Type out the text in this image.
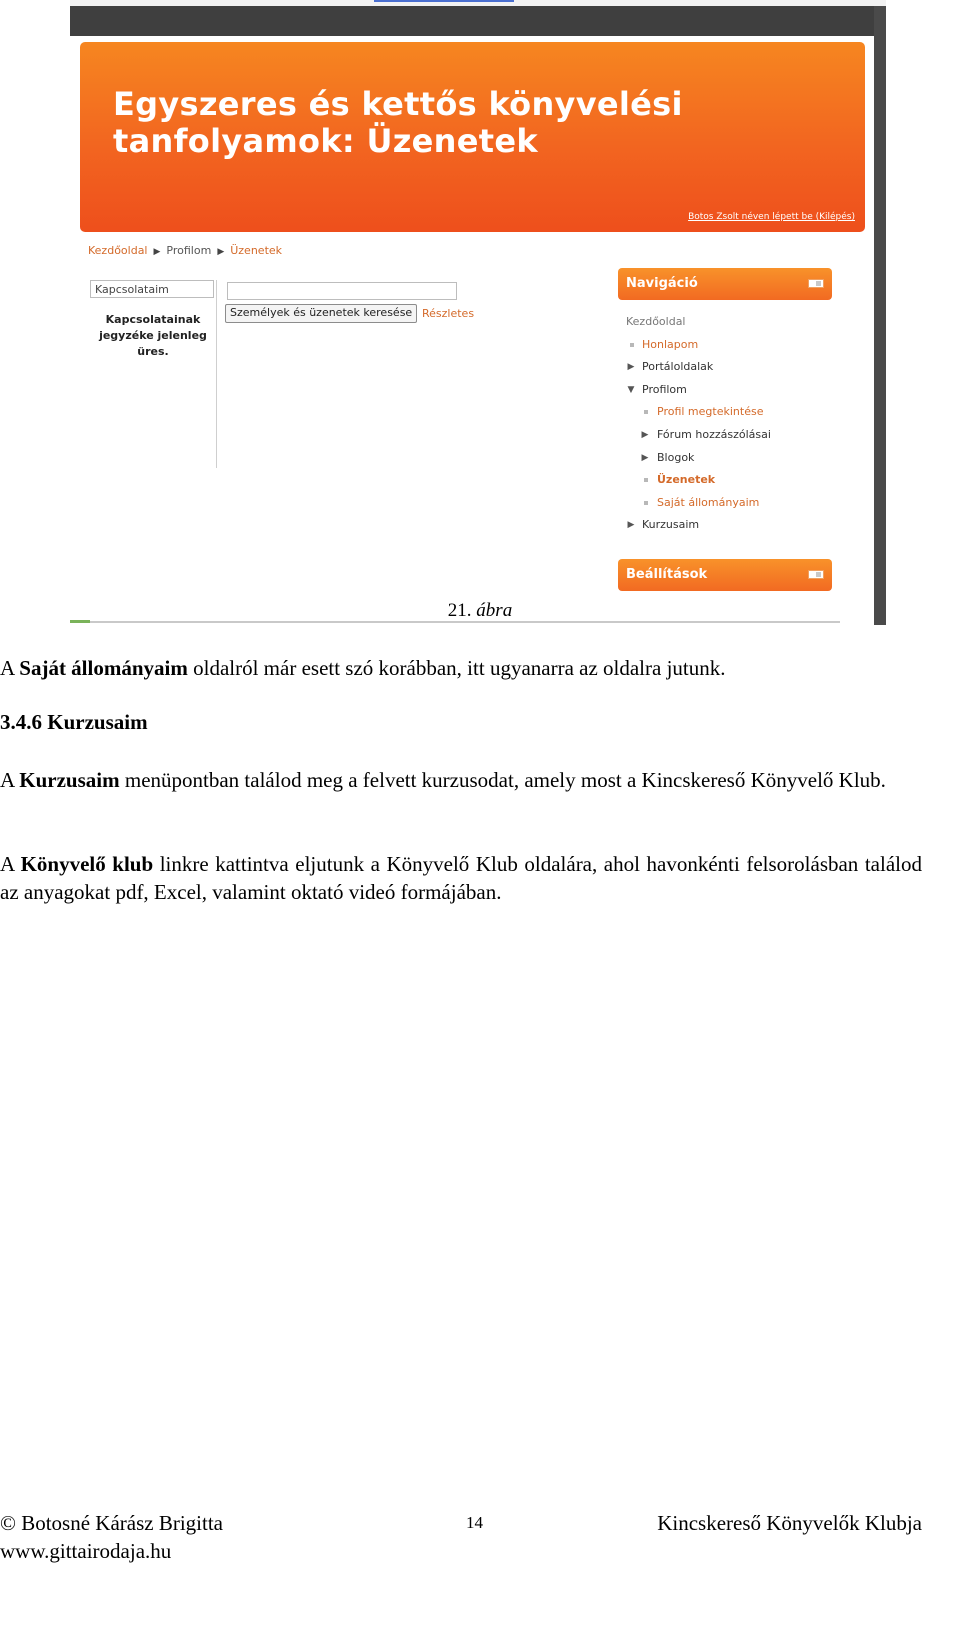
Egyszeres és kettős könyvelési
tanfolyamok: Üzenetek
Botos Zsolt néven lépett be (Kilépés)
Kezdőoldal ▶ Profilom ▶ Üzenetek
Kapcsolataim
Kapcsolatainak
jegyzéke jelenleg
üres.
Személyek és üzenetek keresése Részletes
Navigáció
Kezdőoldal
Honlapom
▶ Portáloldalak
▼ Profilom
Profil megtekintése
▶ Fórum hozzászólásai
▶ Blogok
Üzenetek
Saját állományaim
▶ Kurzusaim
Beállítások
21. ábra
A Saját állományaim oldalról már esett szó korábban, itt ugyanarra az oldalra jutunk.
3.4.6 Kurzusaim
A Kurzusaim menüpontban találod meg a felvett kurzusodat, amely most a Kincskereső Könyvelő Klub.
A Könyvelő klub linkre kattintva eljutunk a Könyvelő Klub oldalára, ahol havonkénti felsorolásban találod az anyagokat pdf, Excel, valamint oktató videó formájában.
© Botosné Kárász Brigitta
www.gittairodaja.hu
14	Kincskereső Könyvelők Klubja
